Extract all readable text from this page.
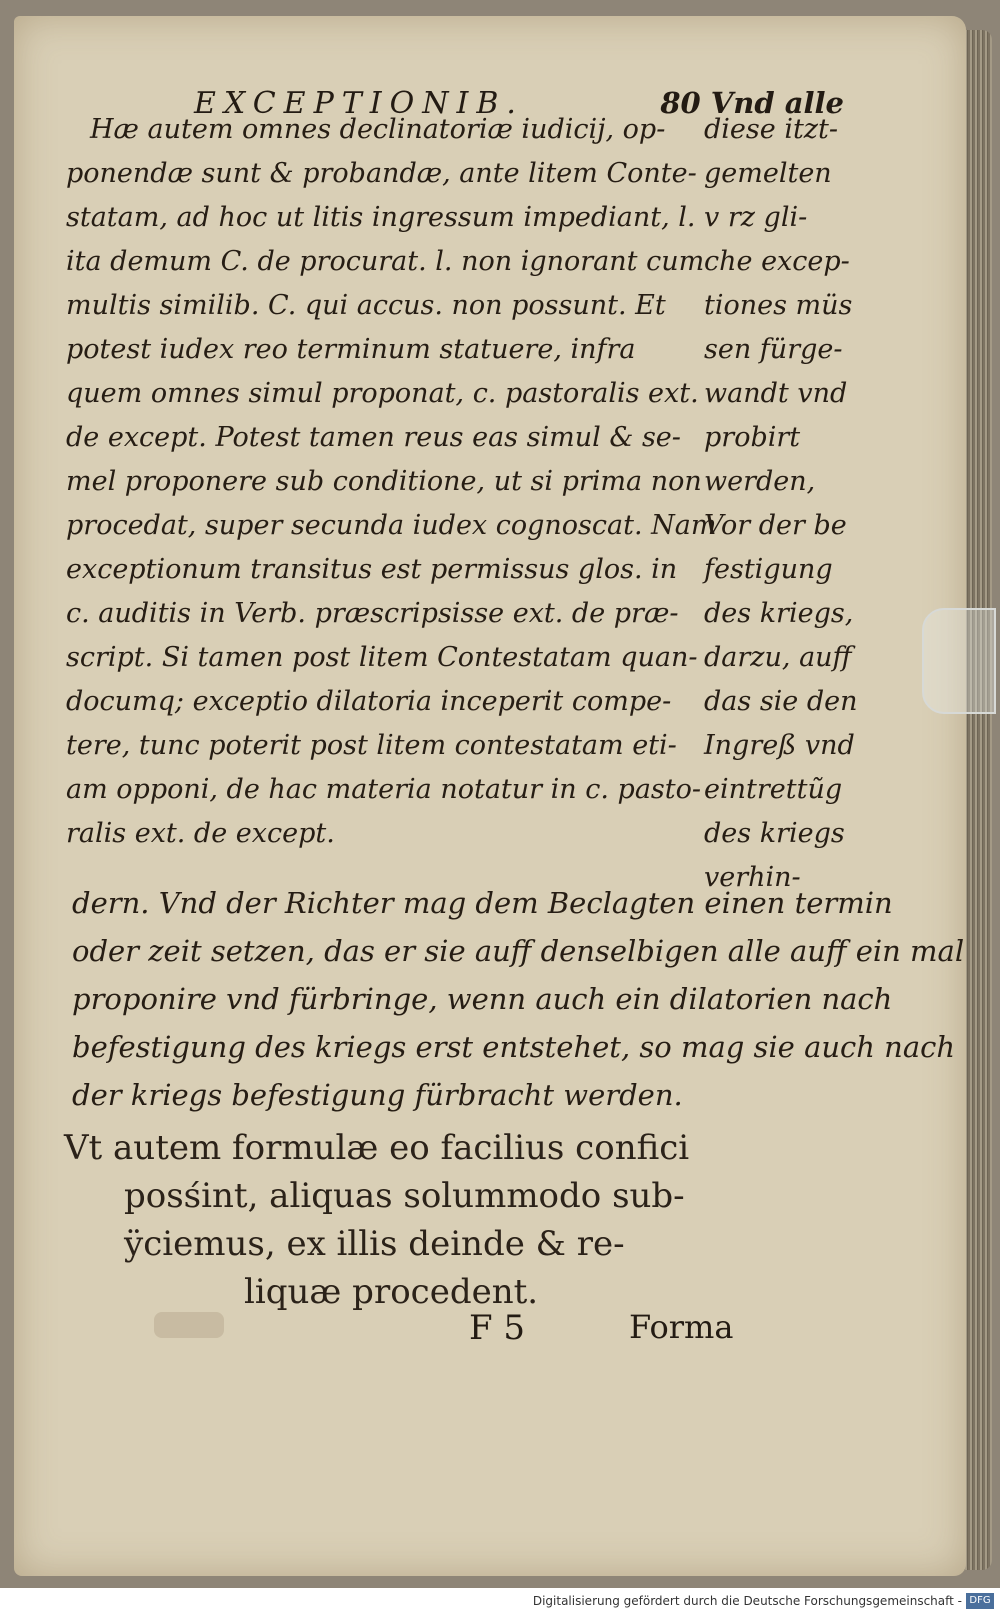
EXCEPTIONIB.	80 Vnd alle
Hæ autem omnes declinatoriæ iudicij, op-
ponendæ sunt & probandæ, ante litem Conte-
statam, ad hoc ut litis ingressum impediant, l.
ita demum C. de procurat. l. non ignorant cum
multis similib. C. qui accus. non possunt. Et
potest iudex reo terminum statuere, infra
quem omnes simul proponat, c. pastoralis ext.
de except. Potest tamen reus eas simul & se-
mel proponere sub conditione, ut si prima non
procedat, super secunda iudex cognoscat. Nam
exceptionum transitus est permissus glos. in
c. auditis in Verb. præscripsisse ext. de præ-
script. Si tamen post litem Contestatam quan-
documq; exceptio dilatoria inceperit compe-
tere, tunc poterit post litem contestatam eti-
am opponi, de hac materia notatur in c. pasto-
ralis ext. de except.
diese itzt-
gemelten
v rz gli-
che excep-
tiones müs
sen fürge-
wandt vnd
probirt
werden,
Vor der be
festigung
des kriegs,
darzu, auff
das sie den
Ingreß vnd
eintrettũg
des kriegs
verhin-
dern. Vnd der Richter mag dem Beclagten einen termin
oder zeit setzen, das er sie auff denselbigen alle auff ein mal
proponire vnd fürbringe, wenn auch ein dilatorien nach
befestigung des kriegs erst entstehet, so mag sie auch nach
der kriegs befestigung fürbracht werden.
Vt autem formulæ eo facilius confici
posśint, aliquas solummodo sub-
ÿciemus, ex illis deinde & re-
liquæ procedent.
F 5	Forma
Digitalisierung gefördert durch die Deutsche Forschungsgemeinschaft - DFG
